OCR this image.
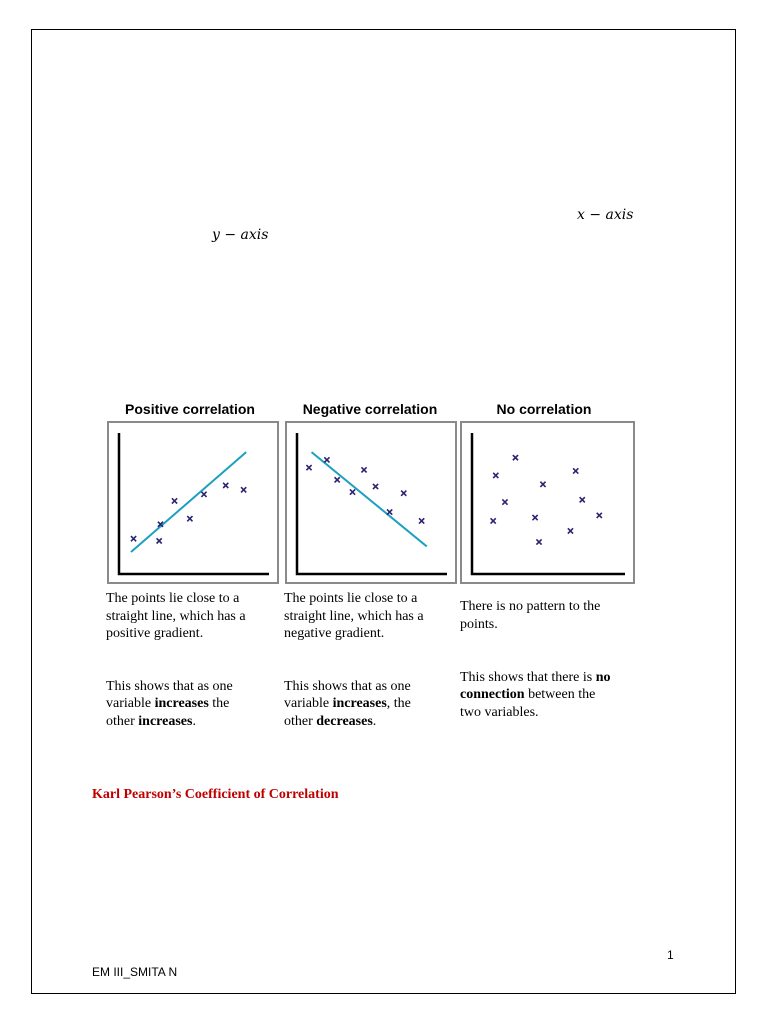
x − axis
y − axis
Positive correlation
The points lie close to a
straight line, which has a
positive gradient.

This shows that as one
variable increases the
other increases.

Negative correlation
The points lie close to a
straight line, which has a
negative gradient.

This shows that as one
variable increases, the
other decreases.

No correlation
There is no pattern to the
points.

This shows that there is no
connection between the
two variables.

Karl Pearson’s Coefficient of Correlation
1
EM III_SMITA N
